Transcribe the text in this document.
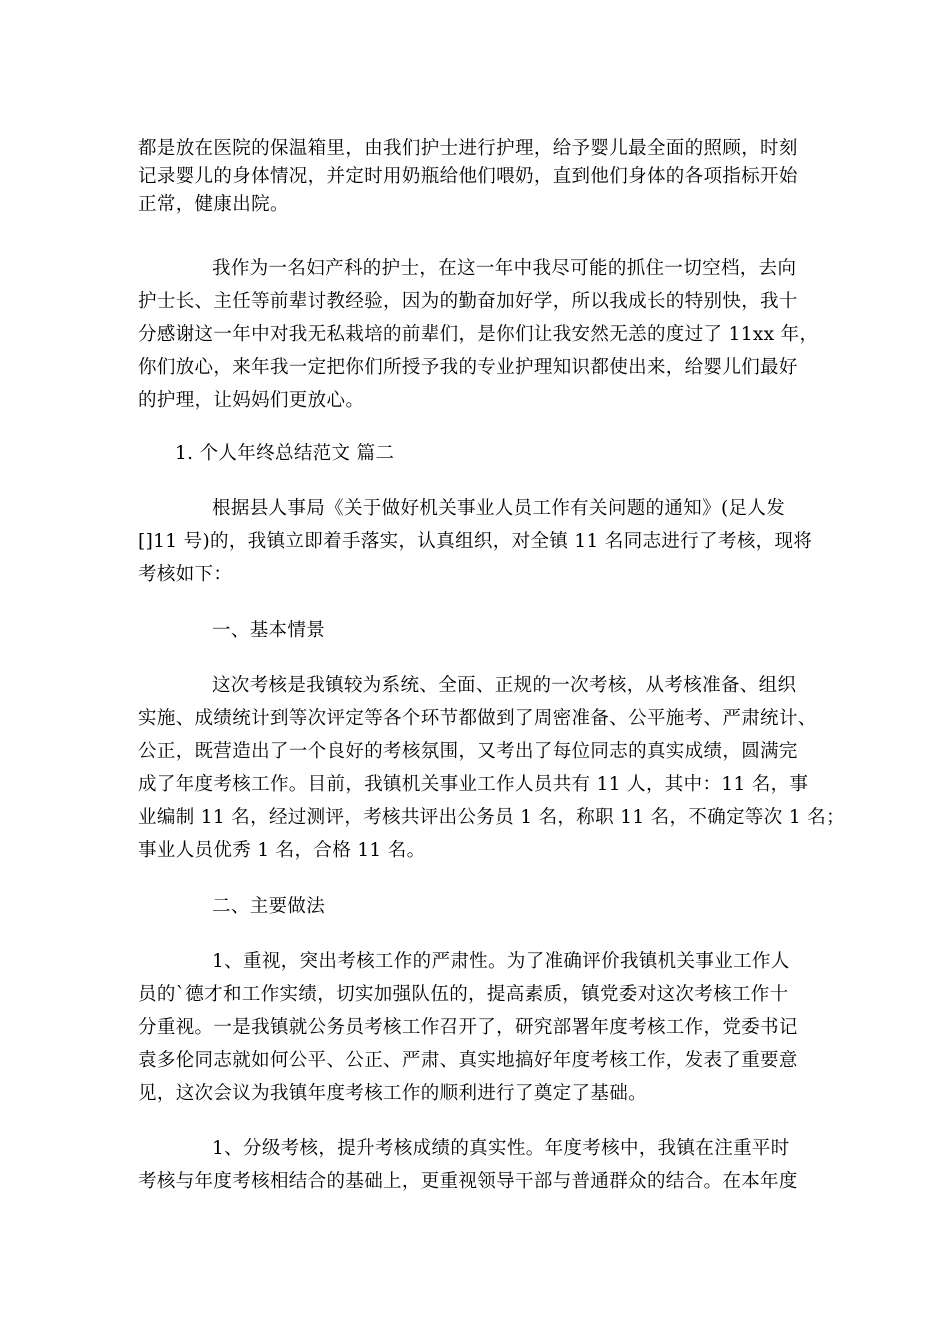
都是放在医院的保温箱里，由我们护士进行护理，给予婴儿最全面的照顾，时刻
记录婴儿的身体情况，并定时用奶瓶给他们喂奶，直到他们身体的各项指标开始
正常，健康出院。
我作为一名妇产科的护士，在这一年中我尽可能的抓住一切空档，去向
护士长、主任等前辈讨教经验，因为的勤奋加好学，所以我成长的特别快，我十
分感谢这一年中对我无私栽培的前辈们，是你们让我安然无恙的度过了 11xx 年，
你们放心，来年我一定把你们所授予我的专业护理知识都使出来，给婴儿们最好
的护理，让妈妈们更放心。
1. 个人年终总结范文 篇二
根据县人事局《关于做好机关事业人员工作有关问题的通知》(足人发
[]11 号)的，我镇立即着手落实，认真组织，对全镇 11 名同志进行了考核，现将
考核如下：
一、基本情景
这次考核是我镇较为系统、全面、正规的一次考核，从考核准备、组织
实施、成绩统计到等次评定等各个环节都做到了周密准备、公平施考、严肃统计、
公正，既营造出了一个良好的考核氛围，又考出了每位同志的真实成绩，圆满完
成了年度考核工作。目前，我镇机关事业工作人员共有 11 人，其中：11 名，事
业编制 11 名，经过测评，考核共评出公务员 1 名，称职 11 名，不确定等次 1 名；
事业人员优秀 1 名，合格 11 名。
二、主要做法
1、重视，突出考核工作的严肃性。为了准确评价我镇机关事业工作人
员的`德才和工作实绩，切实加强队伍的，提高素质，镇党委对这次考核工作十
分重视。一是我镇就公务员考核工作召开了，研究部署年度考核工作，党委书记
袁多伦同志就如何公平、公正、严肃、真实地搞好年度考核工作，发表了重要意
见，这次会议为我镇年度考核工作的顺利进行了奠定了基础。
1、分级考核，提升考核成绩的真实性。年度考核中，我镇在注重平时
考核与年度考核相结合的基础上，更重视领导干部与普通群众的结合。在本年度
